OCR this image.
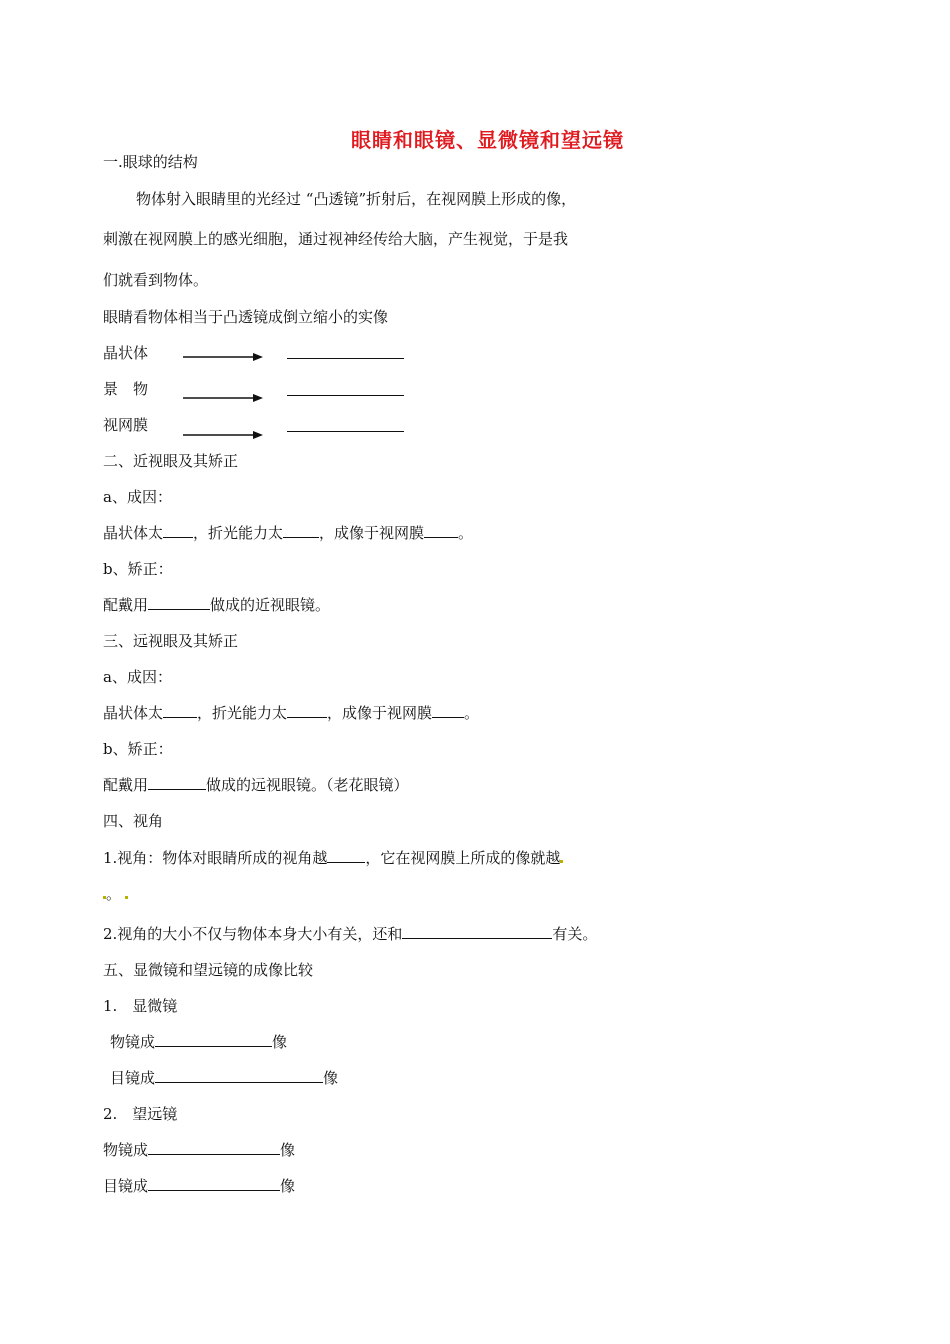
眼睛和眼镜、显微镜和望远镜
一.眼球的结构
物体射入眼睛里的光经过 “凸透镜”折射后，在视网膜上形成的像，
刺激在视网膜上的感光细胞，通过视神经传给大脑，产生视觉，于是我
们就看到物体。
眼睛看物体相当于凸透镜成倒立缩小的实像
晶状体
景　物
视网膜
二、近视眼及其矫正
a、成因：
晶状体太 ，折光能力太 ，成像于视网膜 。
b、矫正：
配戴用	做成的近视眼镜。
三、远视眼及其矫正
a、成因：
晶状体太 ，折光能力太	，成像于视网膜 。
b、矫正：
配戴用	做成的远视眼镜。（老花眼镜）
四、视角
1.视角：物体对眼睛所成的视角越	，它在视网膜上所成的像就越
。
2.视角的大小不仅与物体本身大小有关，还和	有关。
五、显微镜和望远镜的成像比较
1.　显微镜
物镜成	像
目镜成	像
2.　望远镜
物镜成	像
目镜成	像
